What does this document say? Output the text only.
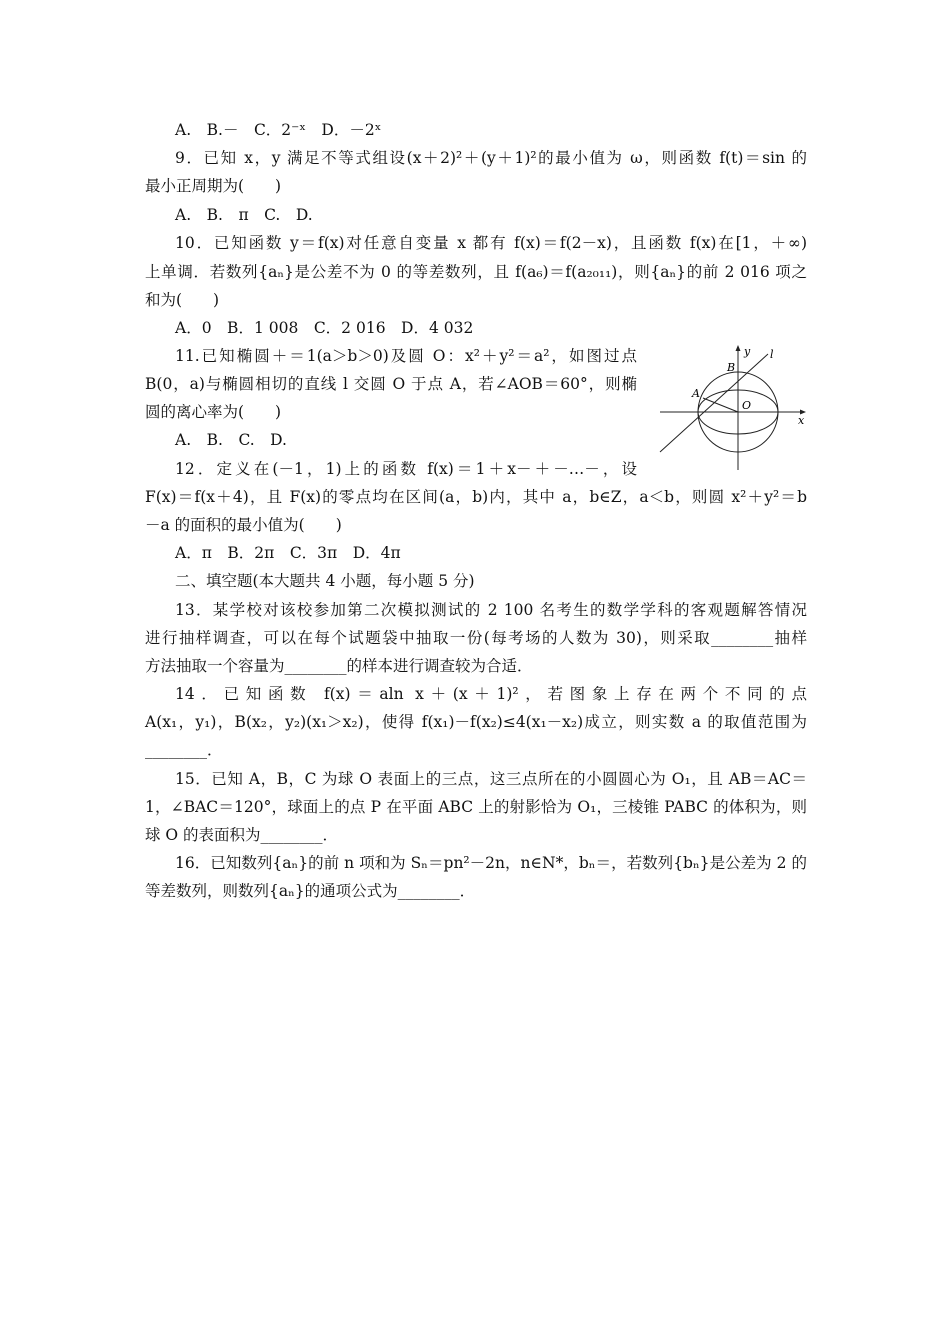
A.　B.－　C．2⁻ˣ　D．－2ˣ
9．已知 x，y 满足不等式组设(x＋2)²＋(y＋1)²的最小值为 ω，则函数 f(t)＝sin 的
最小正周期为(　　)
A.　B.　π　C.　D.
10．已知函数 y＝f(x)对任意自变量 x 都有 f(x)＝f(2－x)，且函数 f(x)在[1，＋∞)
上单调．若数列{aₙ}是公差不为 0 的等差数列，且 f(a₆)＝f(a₂₀₁₁)，则{aₙ}的前 2 016 项之
和为(　　)
A．0　B．1 008　C．2 016　D．4 032
11.已知椭圆＋＝1(a＞b＞0)及圆 O：x²＋y²＝a²，如图过点
B(0，a)与椭圆相切的直线 l 交圆 O 于点 A，若∠AOB＝60°，则椭
圆的离心率为(　　)
A.　B.　C.　D.
y l
B
A
O
x
12．定义在(－1，1)上的函数 f(x)＝1＋x－＋－…－，设
F(x)＝f(x＋4)，且 F(x)的零点均在区间(a，b)内，其中 a，b∈Z，a＜b，则圆 x²＋y²＝b
－a 的面积的最小值为(　　)
A．π　B．2π　C．3π　D．4π
二、填空题(本大题共 4 小题，每小题 5 分)
13．某学校对该校参加第二次模拟测试的 2 100 名考生的数学学科的客观题解答情况
进行抽样调查，可以在每个试题袋中抽取一份(每考场的人数为 30)，则采取________抽样
方法抽取一个容量为________的样本进行调查较为合适．
14．已知函数 f(x)＝aln x＋(x＋1)²，若图象上存在两个不同的点
A(x₁，y₁)，B(x₂，y₂)(x₁＞x₂)，使得 f(x₁)－f(x₂)≤4(x₁－x₂)成立，则实数 a 的取值范围为
________．
15．已知 A，B，C 为球 O 表面上的三点，这三点所在的小圆圆心为 O₁，且 AB＝AC＝
1，∠BAC＝120°，球面上的点 P 在平面 ABC 上的射影恰为 O₁，三棱锥 PABC 的体积为，则
球 O 的表面积为________．
16．已知数列{aₙ}的前 n 项和为 Sₙ＝pn²－2n，n∈N*，bₙ＝，若数列{bₙ}是公差为 2 的
等差数列，则数列{aₙ}的通项公式为________．
